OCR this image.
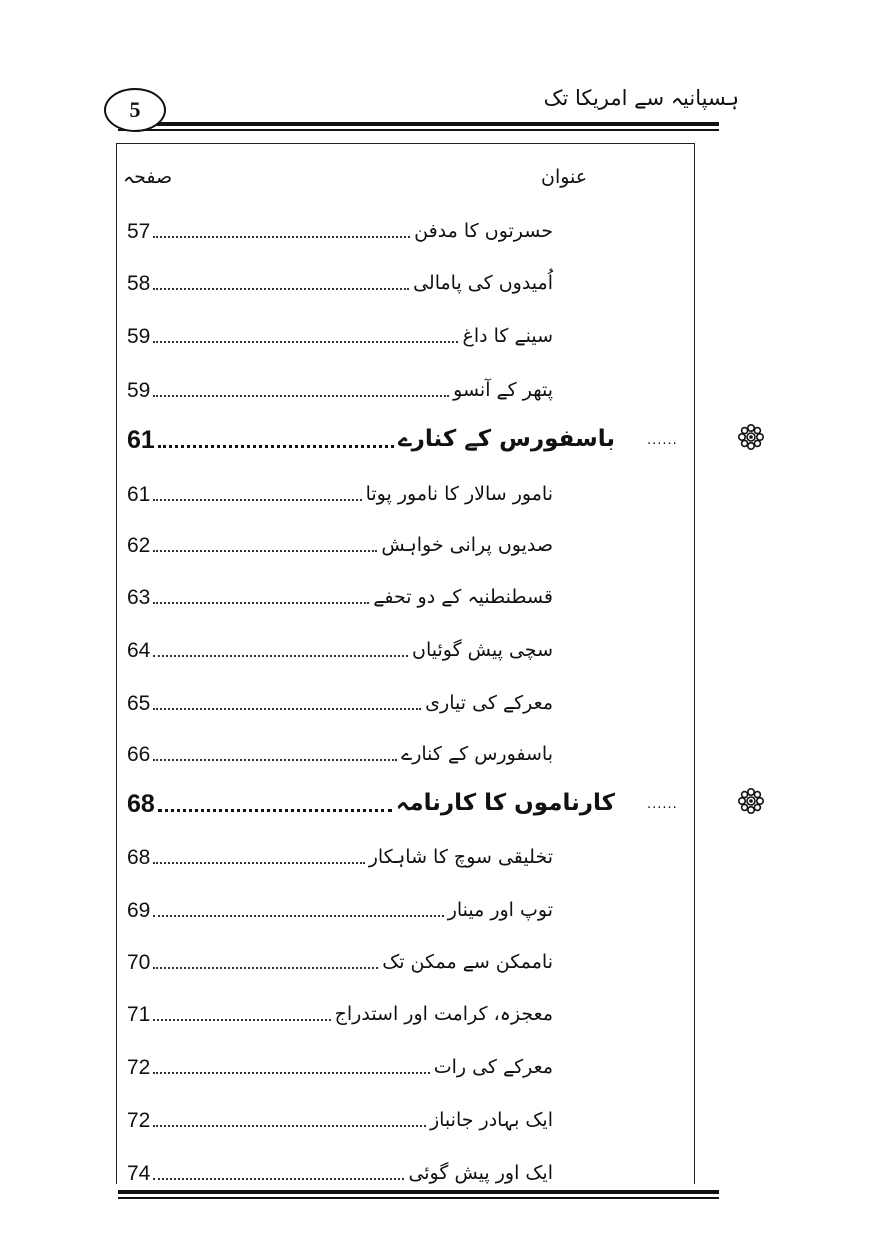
5	ہسپانیہ سے امریکا تک
صفحہ	عنوان
57	حسرتوں کا مدفن
58	اُمیدوں کی پامالی
59	سینے کا داغ
59	پتھر کے آنسو
61	باسفورس کے کنارے ......
61	نامور سالار کا نامور پوتا
62	صدیوں پرانی خواہش
63	قسطنطنیہ کے دو تحفے
64	سچی پیش گوئیاں
65	معرکے کی تیاری
66	باسفورس کے کنارے
68	کارناموں کا کارنامہ ......
68	تخلیقی سوچ کا شاہکار
69	توپ اور مینار
70	ناممکن سے ممکن تک
71	معجزہ، کرامت اور استدراج
72	معرکے کی رات
72	ایک بہادر جانباز
74	ایک اور پیش گوئی
